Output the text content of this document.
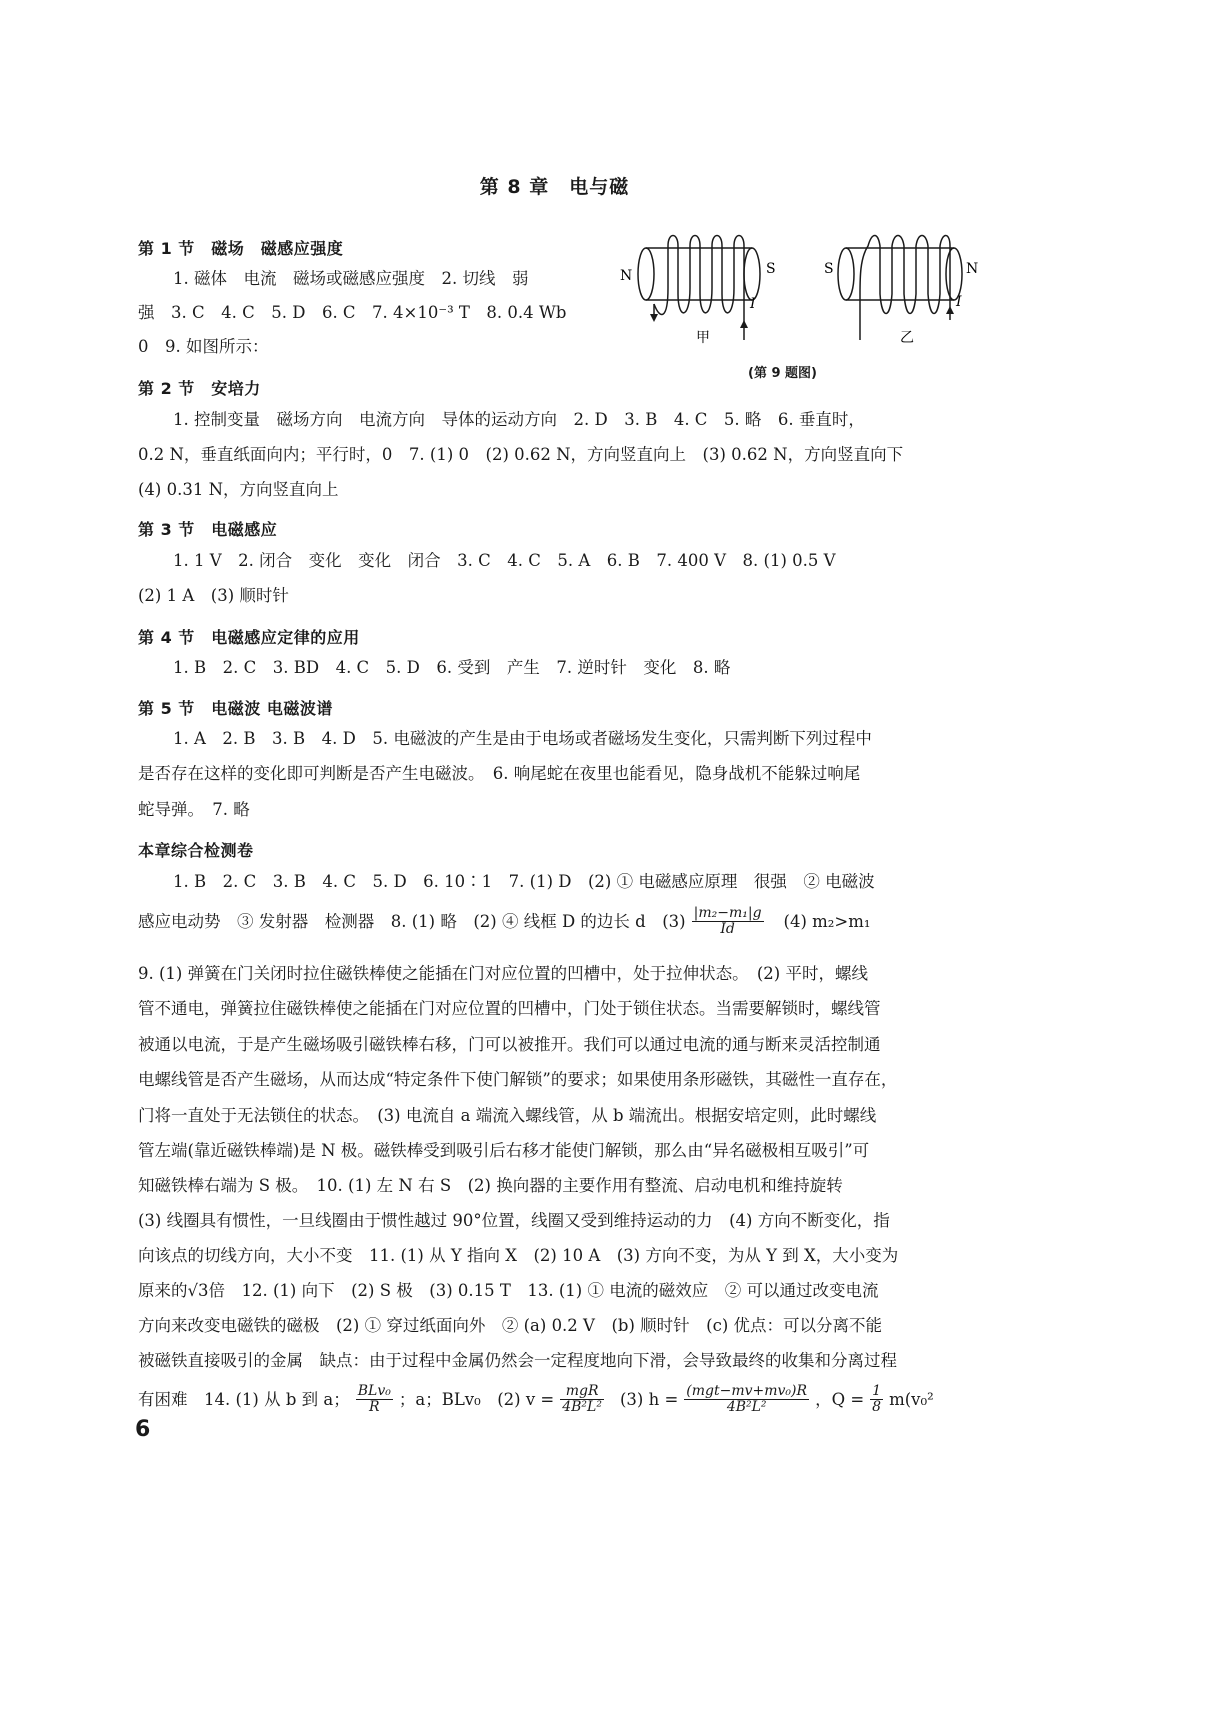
第 8 章　电与磁
第 1 节　磁场　磁感应强度
1. 磁体　电流　磁场或磁感应强度　2. 切线　弱
强　3. C　4. C　5. D　6. C　7. 4×10⁻³ T　8. 0.4 Wb
0　9. 如图所示：
N	S
I
甲
S	N
I
乙
(第 9 题图)
第 2 节　安培力
1. 控制变量　磁场方向　电流方向　导体的运动方向　2. D　3. B　4. C　5. 略　6. 垂直时，
0.2 N，垂直纸面向内；平行时，0　7. (1) 0　(2) 0.62 N，方向竖直向上　(3) 0.62 N，方向竖直向下
(4) 0.31 N，方向竖直向上
第 3 节　电磁感应
1. 1 V　2. 闭合　变化　变化　闭合　3. C　4. C　5. A　6. B　7. 400 V　8. (1) 0.5 V
(2) 1 A　(3) 顺时针
第 4 节　电磁感应定律的应用
1. B　2. C　3. BD　4. C　5. D　6. 受到　产生　7. 逆时针　变化　8. 略
第 5 节　电磁波 电磁波谱
1. A　2. B　3. B　4. D　5. 电磁波的产生是由于电场或者磁场发生变化，只需判断下列过程中
是否存在这样的变化即可判断是否产生电磁波。　6. 响尾蛇在夜里也能看见，隐身战机不能躲过响尾
蛇导弹。　7. 略
本章综合检测卷
1. B　2. C　3. B　4. C　5. D　6. 10∶1　7. (1) D　(2) ① 电磁感应原理　很强　② 电磁波
感应电动势　③ 发射器　检测器　8. (1) 略　(2) ④ 线框 D 的边长 d　$(3) \frac{\text{|m₂−m₁|g}}{Id} (4)$ m₂>m₁
9. (1) 弹簧在门关闭时拉住磁铁棒使之能插在门对应位置的凹槽中，处于拉伸状态。　(2) 平时，螺线
管不通电，弹簧拉住磁铁棒使之能插在门对应位置的凹槽中，门处于锁住状态。当需要解锁时，螺线管
被通以电流，于是产生磁场吸引磁铁棒右移，门可以被推开。我们可以通过电流的通与断来灵活控制通
电螺线管是否产生磁场，从而达成“特定条件下使门解锁”的要求；如果使用条形磁铁，其磁性一直存在，
门将一直处于无法锁住的状态。　(3) 电流自 a 端流入螺线管，从 b 端流出。根据安培定则，此时螺线
管左端(靠近磁铁棒端)是 N 极。磁铁棒受到吸引后右移才能使门解锁，那么由“异名磁极相互吸引”可
知磁铁棒右端为 S 极。　10. (1) 左 N 右 S　(2) 换向器的主要作用有整流、启动电机和维持旋转
(3) 线圈具有惯性，一旦线圈由于惯性越过 90°位置，线圈又受到维持运动的力　(4) 方向不断变化，指
向该点的切线方向，大小不变　11. (1) 从 Y 指向 X　(2) 10 A　(3) 方向不变，为从 Y 到 X，大小变为
原来的√3倍　12. (1) 向下　(2) S 极　(3) 0.15 T　13. (1) ① 电流的磁效应　② 可以通过改变电流
方向来改变电磁铁的磁极　(2) ① 穿过纸面向外　② (a) 0.2 V　(b) 顺时针　(c) 优点：可以分离不能
被磁铁直接吸引的金属　缺点：由于过程中金属仍然会一定程度地向下滑，会导致最终的收集和分离过程
有困难　14. (1) 从 b 到 a； $\frac{\text{BLv₀}}{R}$ ；a；BLv₀　(2) $v = \frac{\text{mgR}}{\text{4B²L²}} (3) h = \frac{\text{(mgt−mv+mv₀)R}}{\text{4B²L²}}$ ，$Q = \frac{1}{8} m(v_0^2$
6
